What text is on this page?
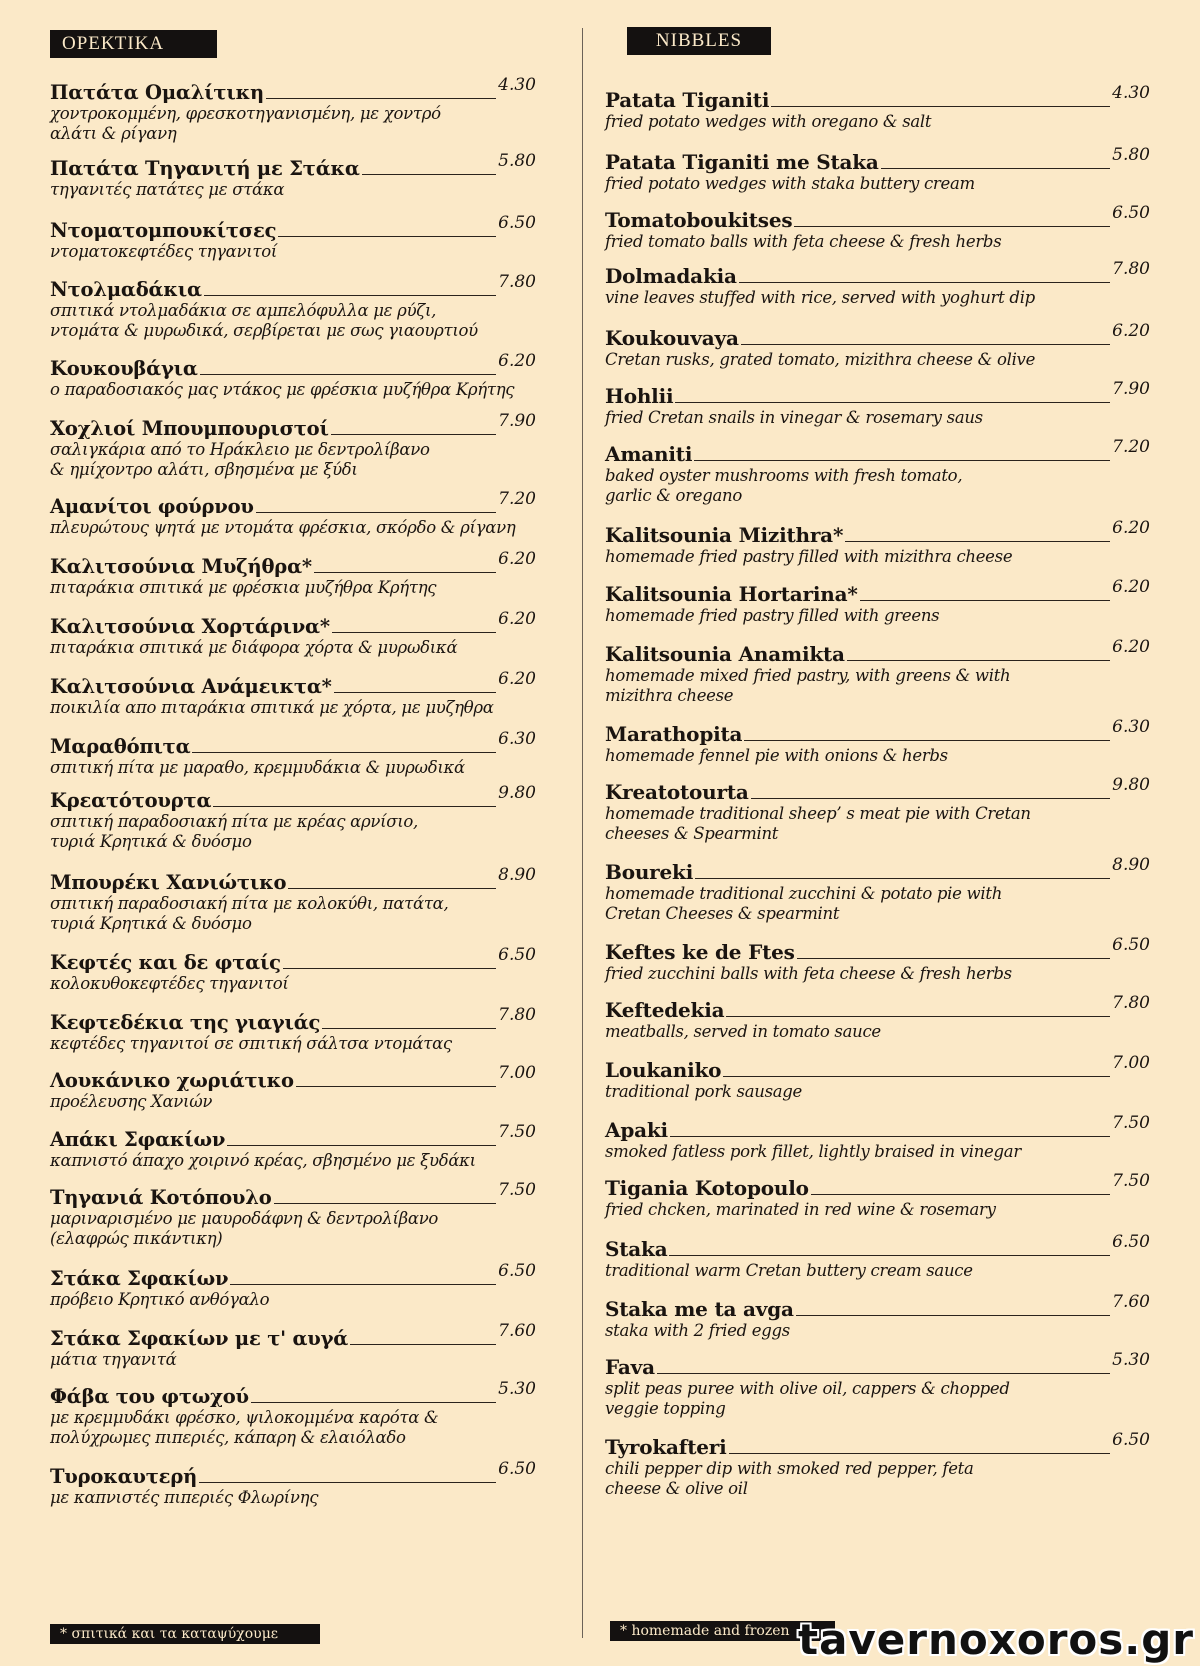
ΟΡΕΚΤΙΚΑ
Πατάτα Ομαλίτικη	4.30
χοντροκομμένη, φρεσκοτηγανισμένη, με χοντρό
αλάτι & ρίγανη
Πατάτα Τηγανιτή με Στάκα	5.80
τηγανιτές πατάτες με στάκα
Ντοματομπουκίτσες	6.50
ντοματοκεφτέδες τηγανιτοί
Ντολμαδάκια	7.80
σπιτικά ντολμαδάκια σε αμπελόφυλλα με ρύζι,
ντομάτα & μυρωδικά, σερβίρεται με σως γιαουρτιού
Κουκουβάγια	6.20
ο παραδοσιακός μας ντάκος με φρέσκια μυζήθρα Κρήτης
Χοχλιοί Μπουμπουριστοί	7.90
σαλιγκάρια από το Ηράκλειο με δεντρολίβανο
& ημίχοντρο αλάτι, σβησμένα με ξύδι
Αμανίτοι φούρνου	7.20
πλευρώτους ψητά με ντομάτα φρέσκια, σκόρδο & ρίγανη
Καλιτσούνια Μυζήθρα*	6.20
πιταράκια σπιτικά με φρέσκια μυζήθρα Κρήτης
Καλιτσούνια Χορτάρινα*	6.20
πιταράκια σπιτικά με διάφορα χόρτα & μυρωδικά
Καλιτσούνια Ανάμεικτα*	6.20
ποικιλία απο πιταράκια σπιτικά με χόρτα, με μυζηθρα
Μαραθόπιτα	6.30
σπιτική πίτα με μαραθο, κρεμμυδάκια & μυρωδικά
Κρεατότουρτα	9.80
σπιτική παραδοσιακή πίτα με κρέας αρνίσιο,
τυριά Κρητικά & δυόσμο
Μπουρέκι Χανιώτικο	8.90
σπιτική παραδοσιακή πίτα με κολοκύθι, πατάτα,
τυριά Κρητικά & δυόσμο
Κεφτές και δε φταίς	6.50
κολοκυθοκεφτέδες τηγανιτοί
Κεφτεδέκια της γιαγιάς	7.80
κεφτέδες τηγανιτοί σε σπιτική σάλτσα ντομάτας
Λουκάνικο χωριάτικο	7.00
προέλευσης Χανιών
Απάκι Σφακίων	7.50
καπνιστό άπαχο χοιρινό κρέας, σβησμένο με ξυδάκι
Τηγανιά Κοτόπουλο	7.50
μαριναρισμένο με μαυροδάφνη & δεντρολίβανο
(ελαφρώς πικάντικη)
Στάκα Σφακίων	6.50
πρόβειο Κρητικό ανθόγαλο
Στάκα Σφακίων με τ' αυγά	7.60
μάτια τηγανιτά
Φάβα του φτωχού	5.30
με κρεμμυδάκι φρέσκο, ψιλοκομμένα καρότα &
πολύχρωμες πιπεριές, κάπαρη & ελαιόλαδο
Τυροκαυτερή	6.50
με καπνιστές πιπεριές Φλωρίνης
* σπιτικά και τα καταψύχουμε
NIBBLES
Patata Tiganiti	4.30
fried potato wedges with oregano & salt
Patata Tiganiti me Staka	5.80
fried potato wedges with staka buttery cream
Tomatoboukitses	6.50
fried tomato balls with feta cheese & fresh herbs
Dolmadakia	7.80
vine leaves stuffed with rice, served with yoghurt dip
Koukouvaya	6.20
Cretan rusks, grated tomato, mizithra cheese & olive
Hohlii	7.90
fried Cretan snails in vinegar & rosemary saus
Amaniti	7.20
baked oyster mushrooms with fresh tomato,
garlic & oregano
Kalitsounia Mizithra*	6.20
homemade fried pastry filled with mizithra cheese
Kalitsounia Hortarina*	6.20
homemade fried pastry filled with greens
Kalitsounia Anamikta	6.20
homemade mixed fried pastry, with greens & with
mizithra cheese
Marathopita	6.30
homemade fennel pie with onions & herbs
Kreatotourta	9.80
homemade traditional sheep’ s meat pie with Cretan
cheeses & Spearmint
Boureki	8.90
homemade traditional zucchini & potato pie with
Cretan Cheeses & spearmint
Keftes ke de Ftes	6.50
fried zucchini balls with feta cheese & fresh herbs
Keftedekia	7.80
meatballs, served in tomato sauce
Loukaniko	7.00
traditional pork sausage
Apaki	7.50
smoked fatless pork fillet, lightly braised in vinegar
Tigania Kotopoulo	7.50
fried chcken, marinated in red wine & rosemary
Staka	6.50
traditional warm Cretan buttery cream sauce
Staka me ta avga	7.60
staka with 2 fried eggs
Fava	5.30
split peas puree with olive oil, cappers & chopped
veggie topping
Tyrokafteri	6.50
chili pepper dip with smoked red pepper, feta
cheese & olive oil
* homemade and frozen tavernoxoros.gr
